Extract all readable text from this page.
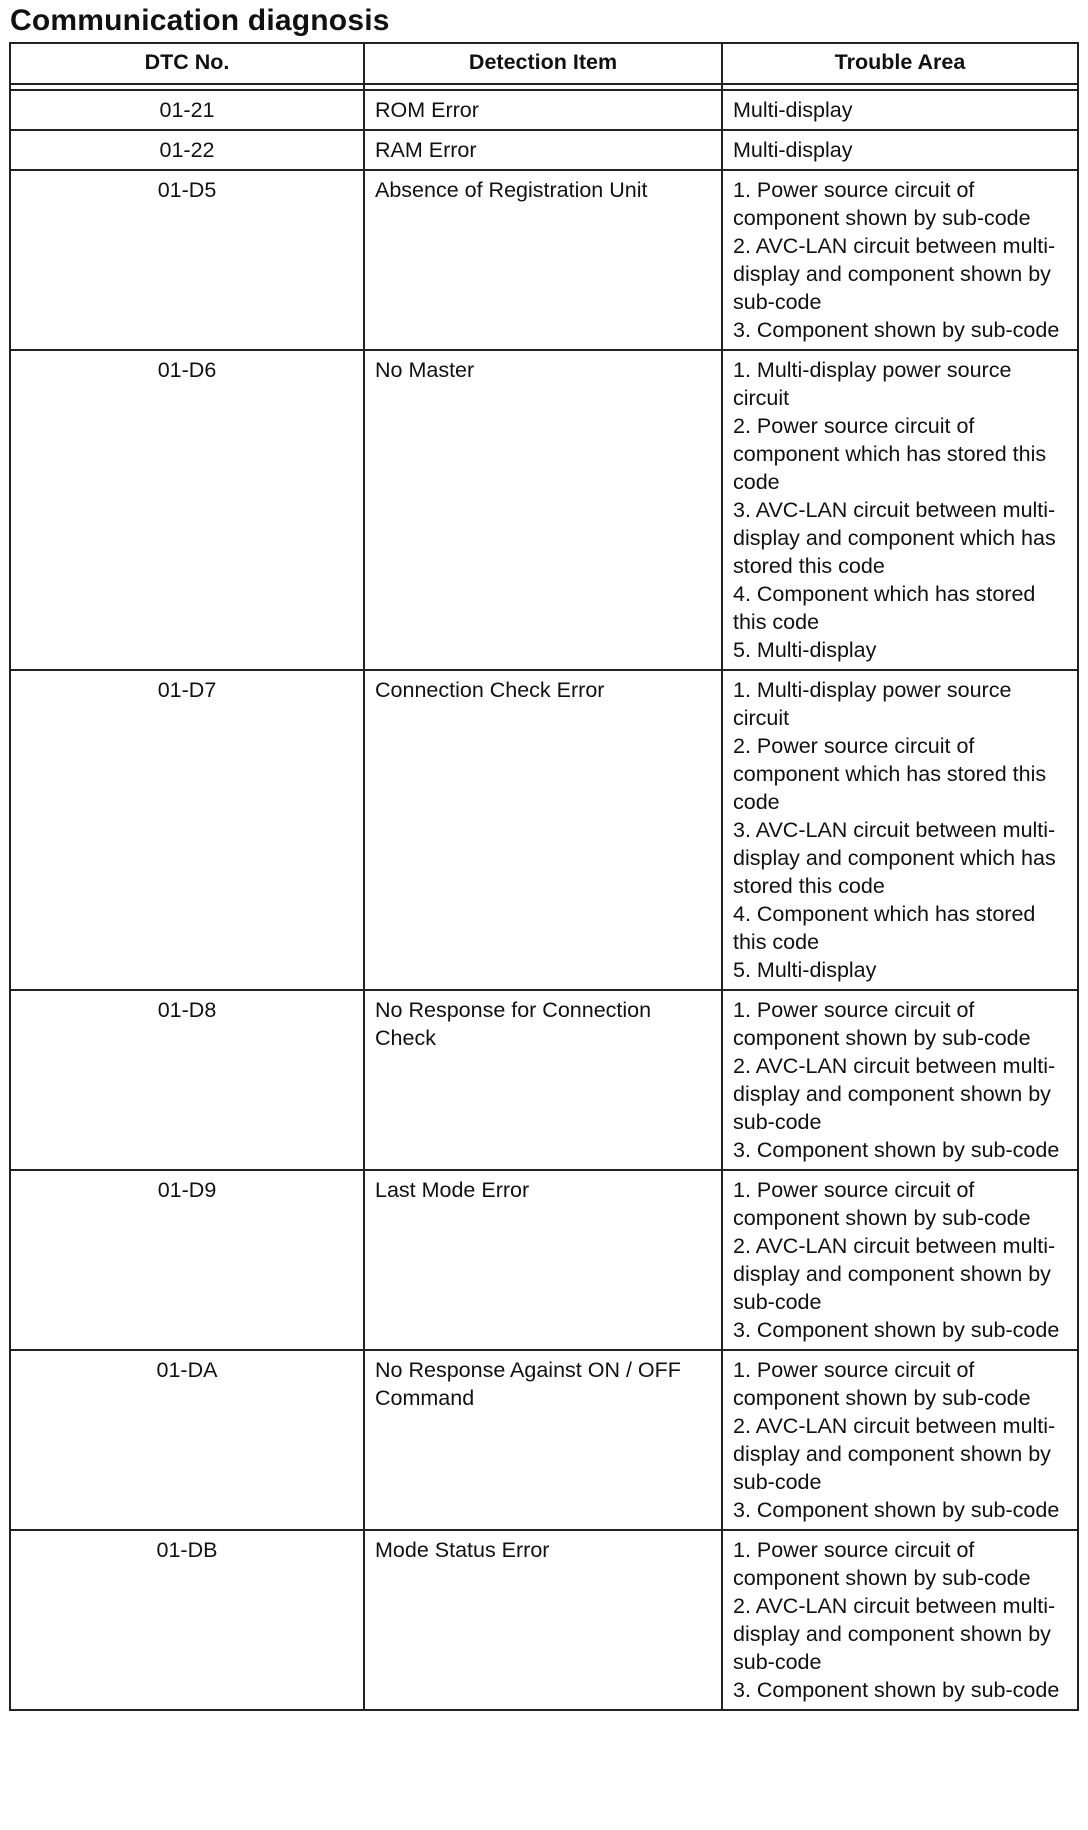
Communication diagnosis
DTC No.	Detection Item	Trouble Area

01-21	ROM Error	Multi-display

01-22	RAM Error	Multi-display

01-D5	Absence of Registration Unit	1. Power source circuit of component shown by sub-code
2. AVC-LAN circuit between multi-display and component shown by sub-code
3. Component shown by sub-code

01-D6	No Master	1. Multi-display power source circuit
2. Power source circuit of component which has stored this code
3. AVC-LAN circuit between multi-display and component which has stored this code
4. Component which has stored this code
5. Multi-display

01-D7	Connection Check Error	1. Multi-display power source circuit
2. Power source circuit of component which has stored this code
3. AVC-LAN circuit between multi-display and component which has stored this code
4. Component which has stored this code
5. Multi-display

01-D8	No Response for Connection Check	1. Power source circuit of component shown by sub-code
2. AVC-LAN circuit between multi-display and component shown by sub-code
3. Component shown by sub-code

01-D9	Last Mode Error	1. Power source circuit of component shown by sub-code
2. AVC-LAN circuit between multi-display and component shown by sub-code
3. Component shown by sub-code

01-DA	No Response Against ON / OFF Command	1. Power source circuit of component shown by sub-code
2. AVC-LAN circuit between multi-display and component shown by sub-code
3. Component shown by sub-code

01-DB	Mode Status Error	1. Power source circuit of component shown by sub-code
2. AVC-LAN circuit between multi-display and component shown by sub-code
3. Component shown by sub-code
